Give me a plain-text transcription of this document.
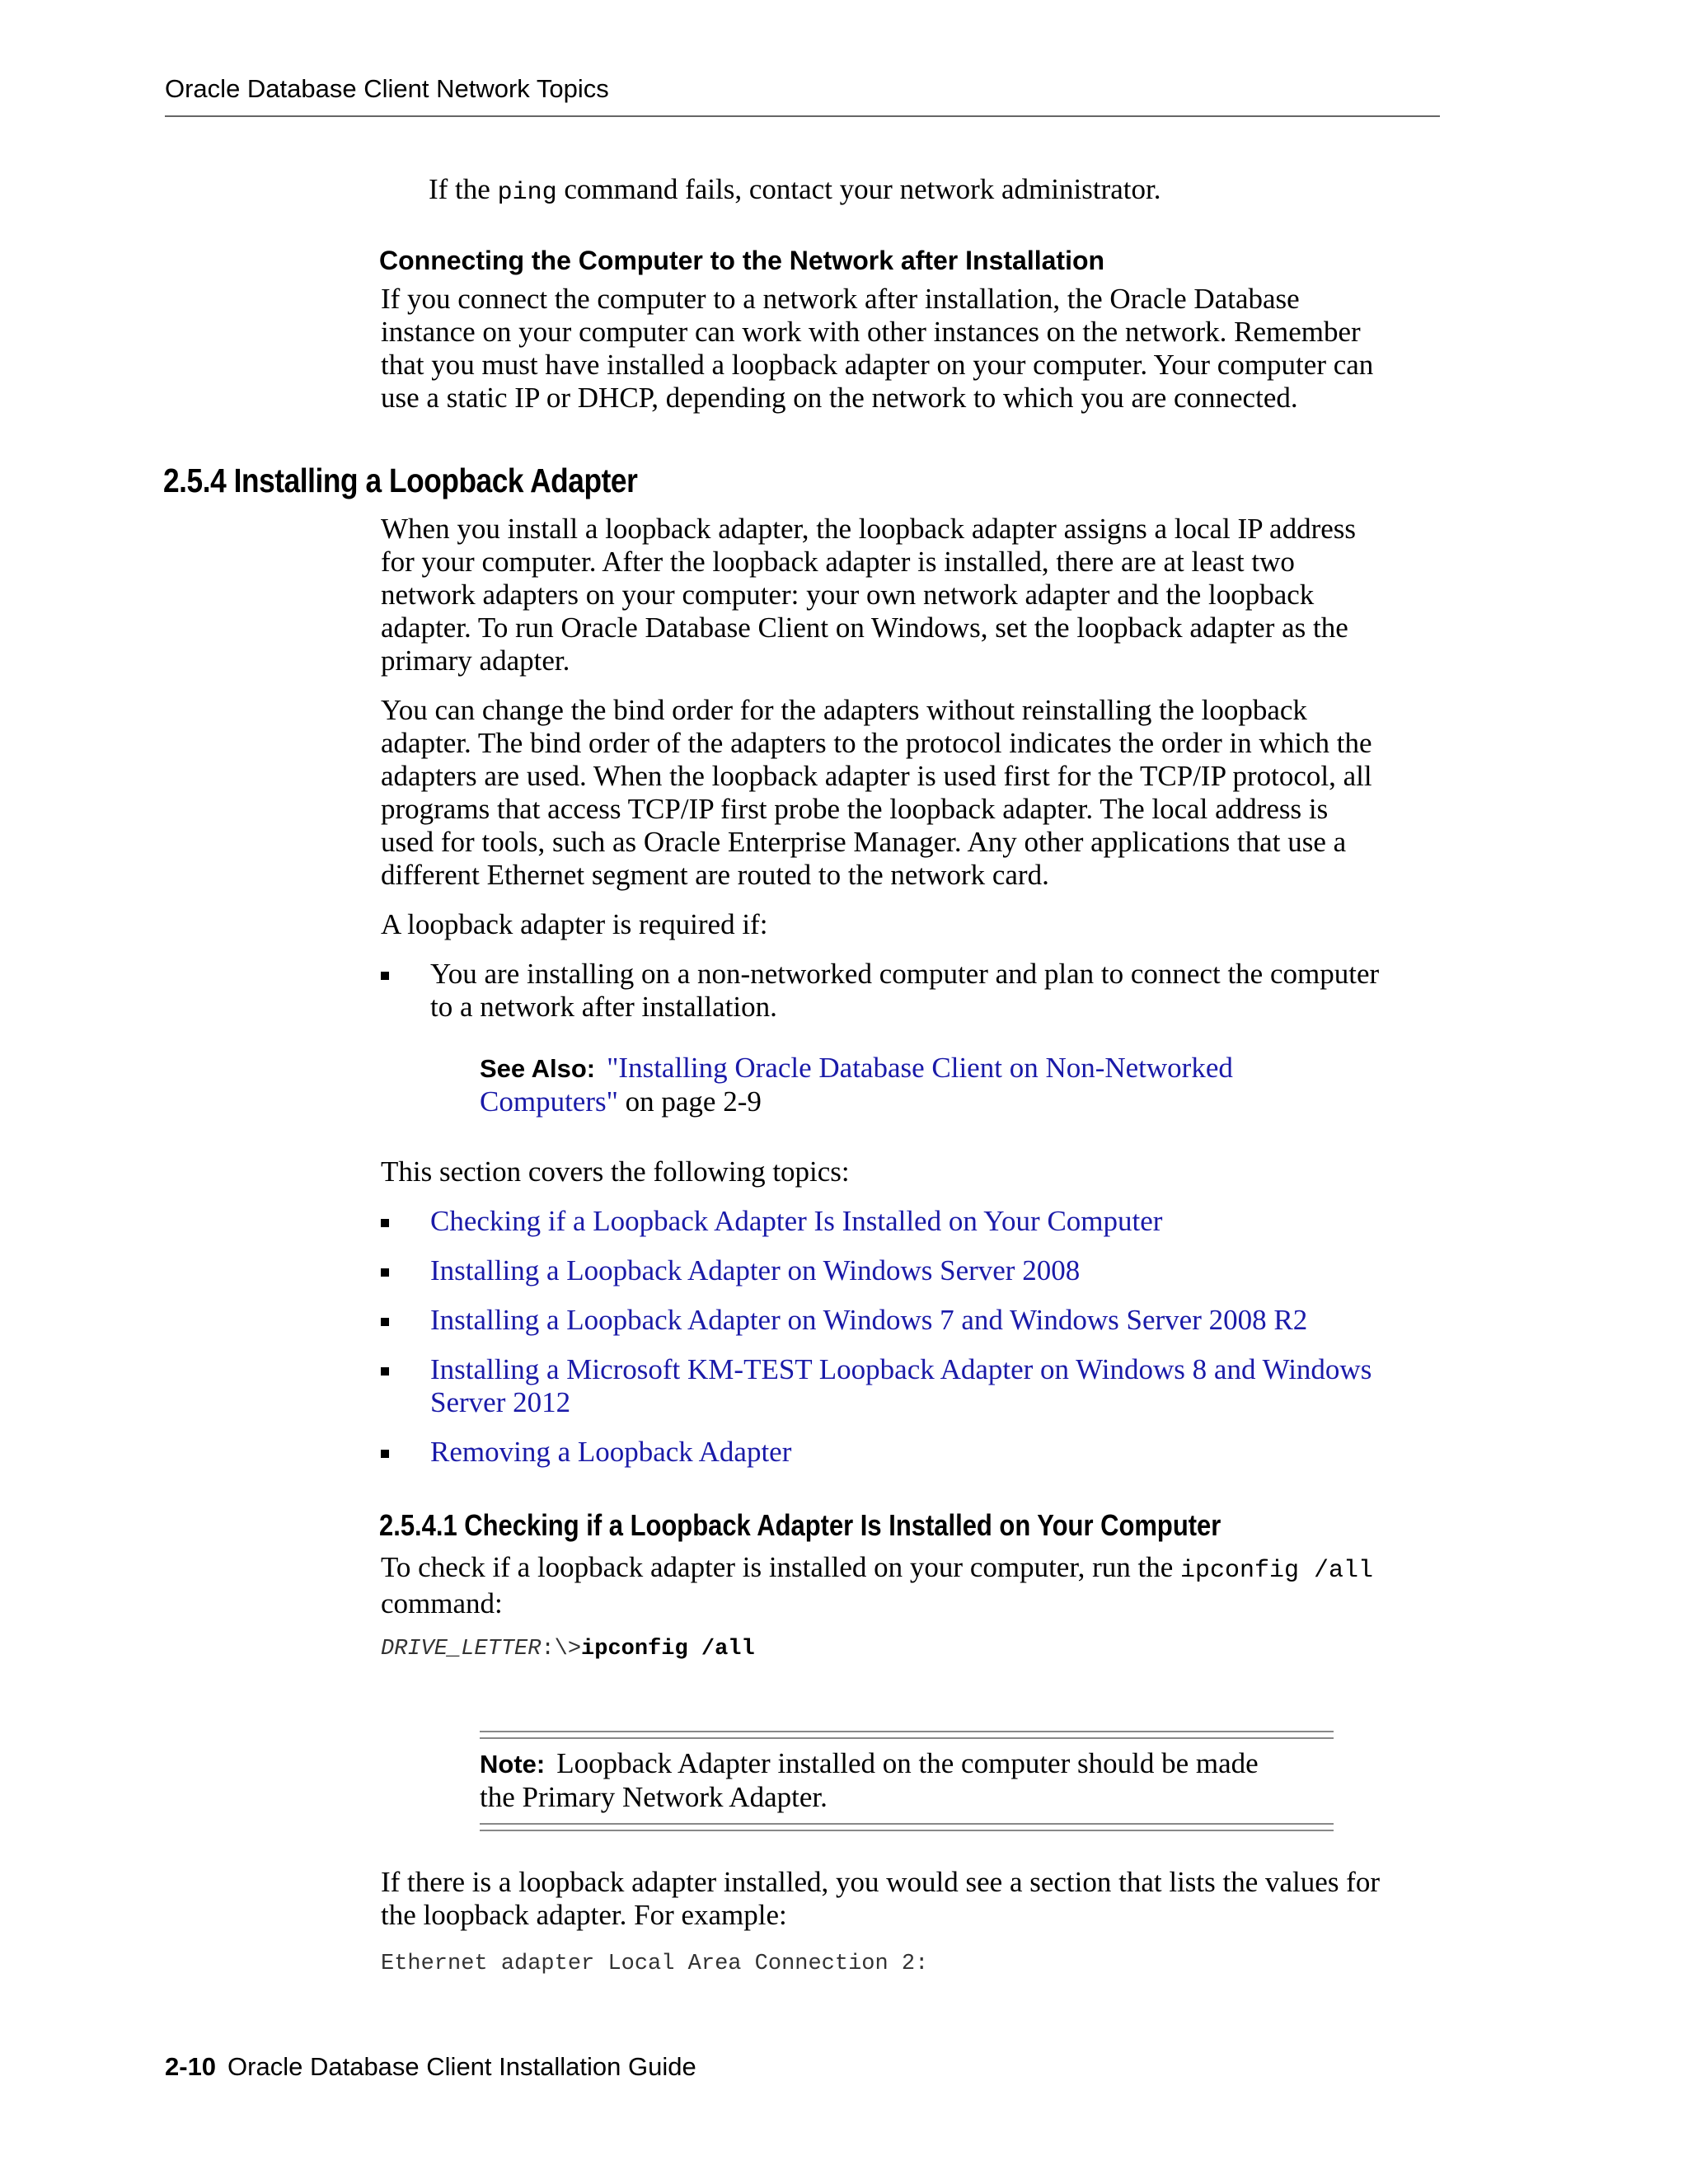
Oracle Database Client Network Topics

If the ping command fails, contact your network administrator.

Connecting the Computer to the Network after Installation

If you connect the computer to a network after installation, the Oracle Database

instance on your computer can work with other instances on the network. Remember

that you must have installed a loopback adapter on your computer. Your computer can

use a static IP or DHCP, depending on the network to which you are connected.

2.5.4 Installing a Loopback Adapter

When you install a loopback adapter, the loopback adapter assigns a local IP address

for your computer. After the loopback adapter is installed, there are at least two

network adapters on your computer: your own network adapter and the loopback

adapter. To run Oracle Database Client on Windows, set the loopback adapter as the

primary adapter.

You can change the bind order for the adapters without reinstalling the loopback

adapter. The bind order of the adapters to the protocol indicates the order in which the

adapters are used. When the loopback adapter is used first for the TCP/IP protocol, all

programs that access TCP/IP first probe the loopback adapter. The local address is

used for tools, such as Oracle Enterprise Manager. Any other applications that use a

different Ethernet segment are routed to the network card.

A loopback adapter is required if:

You are installing on a non-networked computer and plan to connect the computer
to a network after installation.

See Also: "Installing Oracle Database Client on Non-Networked

Computers" on page 2-9

This section covers the following topics:

Checking if a Loopback Adapter Is Installed on Your Computer
Installing a Loopback Adapter on Windows Server 2008
Installing a Loopback Adapter on Windows 7 and Windows Server 2008 R2
Installing a Microsoft KM-TEST Loopback Adapter on Windows 8 and Windows
Server 2012
Removing a Loopback Adapter
2.5.4.1 Checking if a Loopback Adapter Is Installed on Your Computer

To check if a loopback adapter is installed on your computer, run the ipconfig /all

command:

DRIVE_LETTER:\>ipconfig /all

Note: Loopback Adapter installed on the computer should be made

the Primary Network Adapter.

If there is a loopback adapter installed, you would see a section that lists the values for

the loopback adapter. For example:

Ethernet adapter Local Area Connection 2:
2-10 Oracle Database Client Installation Guide
